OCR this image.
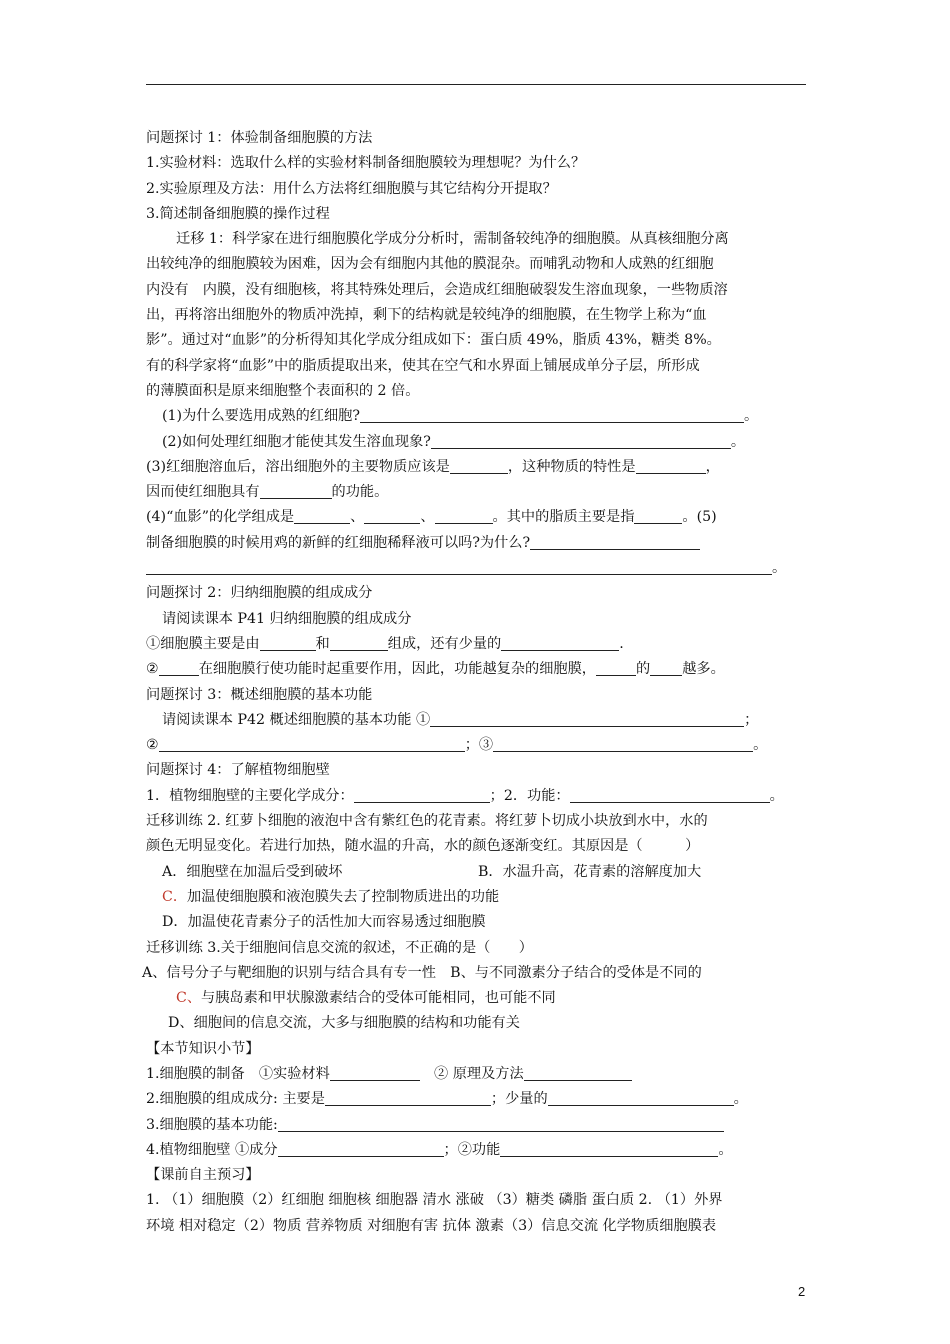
问题探讨 1：体验制备细胞膜的方法
1.实验材料：选取什么样的实验材料制备细胞膜较为理想呢？为什么？
2.实验原理及方法：用什么方法将红细胞膜与其它结构分开提取？
3.简述制备细胞膜的操作过程
迁移 1：科学家在进行细胞膜化学成分分析时，需制备较纯净的细胞膜。从真核细胞分离
出较纯净的细胞膜较为困难，因为会有细胞内其他的膜混杂。而哺乳动物和人成熟的红细胞
内没有　内膜，没有细胞核，将其特殊处理后，会造成红细胞破裂发生溶血现象，一些物质溶
出，再将溶出细胞外的物质冲洗掉，剩下的结构就是较纯净的细胞膜，在生物学上称为“血
影”。通过对“血影”的分析得知其化学成分组成如下：蛋白质 49%，脂质 43%，糖类 8%。
有的科学家将“血影”中的脂质提取出来，使其在空气和水界面上铺展成单分子层，所形成
的薄膜面积是原来细胞整个表面积的 2 倍。
(1)为什么要选用成熟的红细胞?	。
(2)如何处理红细胞才能使其发生溶血现象?	。
(3)红细胞溶血后，溶出细胞外的主要物质应该是	，这种物质的特性是	，
因而使红细胞具有	的功能。
(4)“血影”的化学组成是	、	、	。其中的脂质主要是指	。(5)
制备细胞膜的时候用鸡的新鲜的红细胞稀释液可以吗?为什么?
。
问题探讨 2：归纳细胞膜的组成成分
请阅读课本 P41 归纳细胞膜的组成成分
①细胞膜主要是由	和	组成，还有少量的	.
②	在细胞膜行使功能时起重要作用，因此，功能越复杂的细胞膜，	的 越多。
问题探讨 3：概述细胞膜的基本功能
请阅读课本 P42 概述细胞膜的基本功能 ①	；
②	；③	。
问题探讨 4：了解植物细胞壁
1．植物细胞壁的主要化学成分：	；2．功能：	。
迁移训练 2. 红萝卜细胞的液泡中含有紫红色的花青素。将红萝卜切成小块放到水中，水的
颜色无明显变化。若进行加热，随水温的升高，水的颜色逐渐变红。其原因是（　　　）
A．细胞壁在加温后受到破坏	B．水温升高，花青素的溶解度加大
C．加温使细胞膜和液泡膜失去了控制物质进出的功能
D．加温使花青素分子的活性加大而容易透过细胞膜
迁移训练 3.关于细胞间信息交流的叙述，不正确的是（　　）
A、信号分子与靶细胞的识别与结合具有专一性　B、与不同激素分子结合的受体是不同的
C、与胰岛素和甲状腺激素结合的受体可能相同，也可能不同
D、细胞间的信息交流，大多与细胞膜的结构和功能有关
【本节知识小节】
1.细胞膜的制备　①实验材料　	② 原理及方法
2.细胞膜的组成成分: 主要是	；少量的	。
3.细胞膜的基本功能:
4.植物细胞壁 ①成分	；②功能	。
【课前自主预习】
1. （1）细胞膜（2）红细胞 细胞核 细胞器 清水 涨破 （3）糖类 磷脂 蛋白质 2. （1）外界
环境 相对稳定（2）物质 营养物质 对细胞有害 抗体 激素（3）信息交流 化学物质细胞膜表
2
